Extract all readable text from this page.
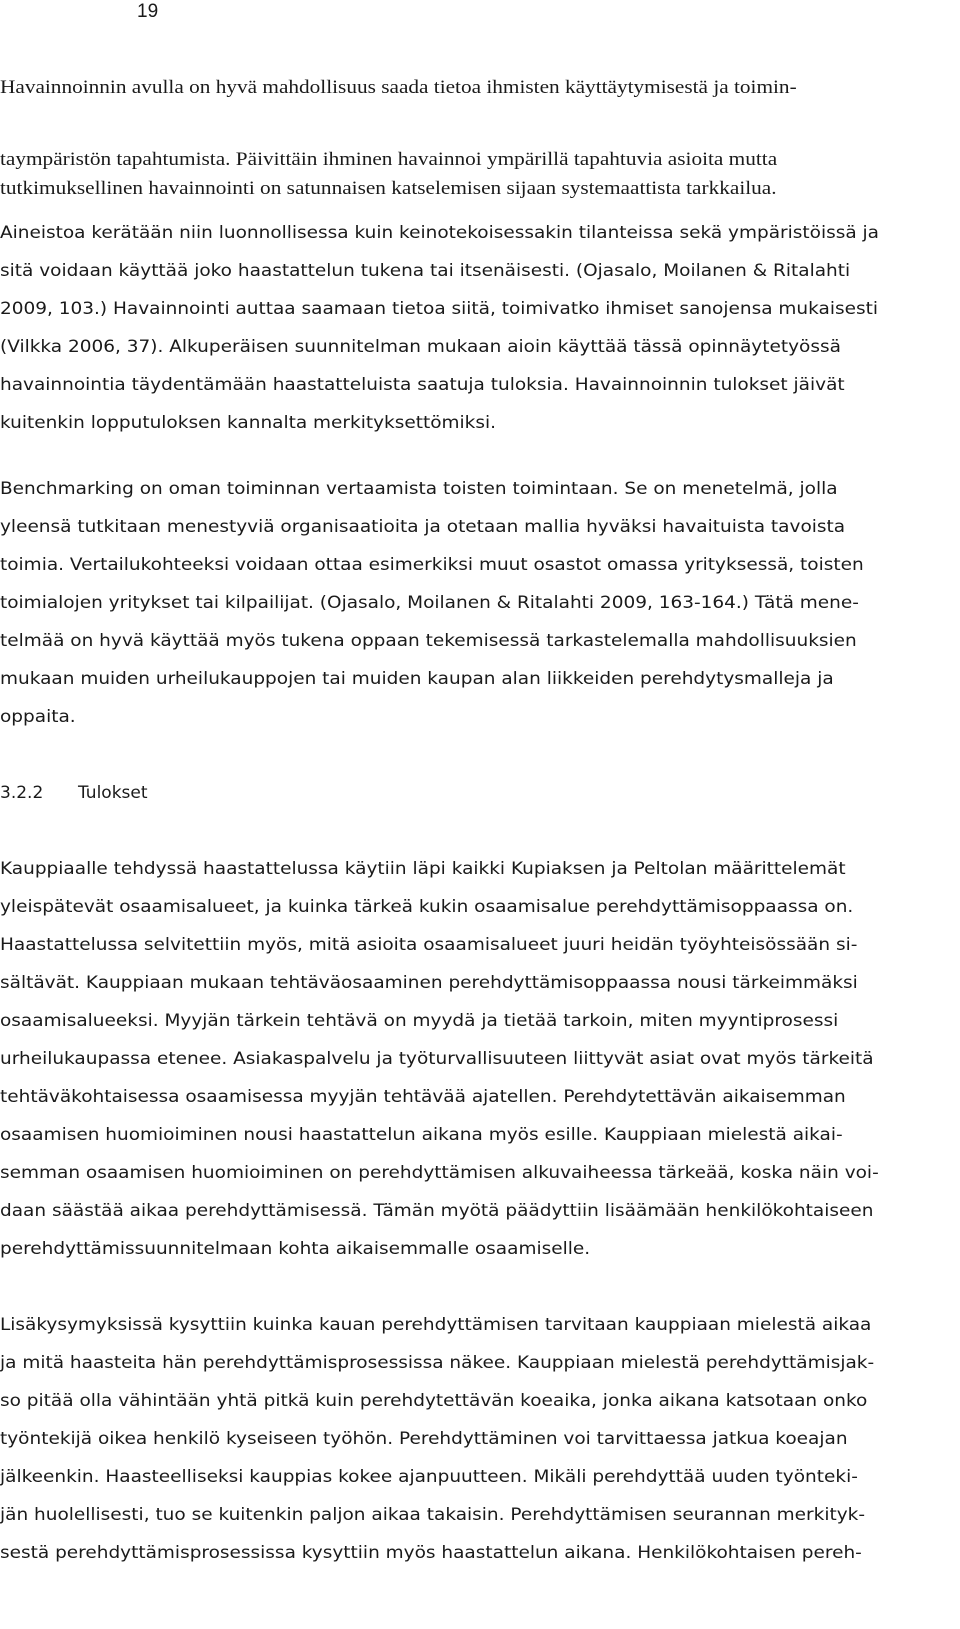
19
Havainnoinnin avulla on hyvä mahdollisuus saada tietoa ihmisten käyttäytymisestä ja toimin-
taympäristön tapahtumista. Päivittäin ihminen havainnoi ympärillä tapahtuvia asioita mutta
tutkimuksellinen havainnointi on satunnaisen katselemisen sijaan systemaattista tarkkailua.
Aineistoa kerätään niin luonnollisessa kuin keinotekoisessakin tilanteissa sekä ympäristöissä ja
sitä voidaan käyttää joko haastattelun tukena tai itsenäisesti. (Ojasalo, Moilanen & Ritalahti
2009, 103.) Havainnointi auttaa saamaan tietoa siitä, toimivatko ihmiset sanojensa mukaisesti
(Vilkka 2006, 37). Alkuperäisen suunnitelman mukaan aioin käyttää tässä opinnäytetyössä
havainnointia täydentämään haastatteluista saatuja tuloksia. Havainnoinnin tulokset jäivät
kuitenkin lopputuloksen kannalta merkityksettömiksi.
Benchmarking on oman toiminnan vertaamista toisten toimintaan. Se on menetelmä, jolla
yleensä tutkitaan menestyviä organisaatioita ja otetaan mallia hyväksi havaituista tavoista
toimia. Vertailukohteeksi voidaan ottaa esimerkiksi muut osastot omassa yrityksessä, toisten
toimialojen yritykset tai kilpailijat. (Ojasalo, Moilanen & Ritalahti 2009, 163-164.) Tätä mene-
telmää on hyvä käyttää myös tukena oppaan tekemisessä tarkastelemalla mahdollisuuksien
mukaan muiden urheilukauppojen tai muiden kaupan alan liikkeiden perehdytysmalleja ja
oppaita.
3.2.2 Tulokset
Kauppiaalle tehdyssä haastattelussa käytiin läpi kaikki Kupiaksen ja Peltolan määrittelemät
yleispätevät osaamisalueet, ja kuinka tärkeä kukin osaamisalue perehdyttämisoppaassa on.
Haastattelussa selvitettiin myös, mitä asioita osaamisalueet juuri heidän työyhteisössään si-
sältävät. Kauppiaan mukaan tehtäväosaaminen perehdyttämisoppaassa nousi tärkeimmäksi
osaamisalueeksi. Myyjän tärkein tehtävä on myydä ja tietää tarkoin, miten myyntiprosessi
urheilukaupassa etenee. Asiakaspalvelu ja työturvallisuuteen liittyvät asiat ovat myös tärkeitä
tehtäväkohtaisessa osaamisessa myyjän tehtävää ajatellen. Perehdytettävän aikaisemman
osaamisen huomioiminen nousi haastattelun aikana myös esille. Kauppiaan mielestä aikai-
semman osaamisen huomioiminen on perehdyttämisen alkuvaiheessa tärkeää, koska näin voi-
daan säästää aikaa perehdyttämisessä. Tämän myötä päädyttiin lisäämään henkilökohtaiseen
perehdyttämissuunnitelmaan kohta aikaisemmalle osaamiselle.
Lisäkysymyksissä kysyttiin kuinka kauan perehdyttämisen tarvitaan kauppiaan mielestä aikaa
ja mitä haasteita hän perehdyttämisprosessissa näkee. Kauppiaan mielestä perehdyttämisjak-
so pitää olla vähintään yhtä pitkä kuin perehdytettävän koeaika, jonka aikana katsotaan onko
työntekijä oikea henkilö kyseiseen työhön. Perehdyttäminen voi tarvittaessa jatkua koeajan
jälkeenkin. Haasteelliseksi kauppias kokee ajanpuutteen. Mikäli perehdyttää uuden työnteki-
jän huolellisesti, tuo se kuitenkin paljon aikaa takaisin. Perehdyttämisen seurannan merkityk-
sestä perehdyttämisprosessissa kysyttiin myös haastattelun aikana. Henkilökohtaisen pereh-
